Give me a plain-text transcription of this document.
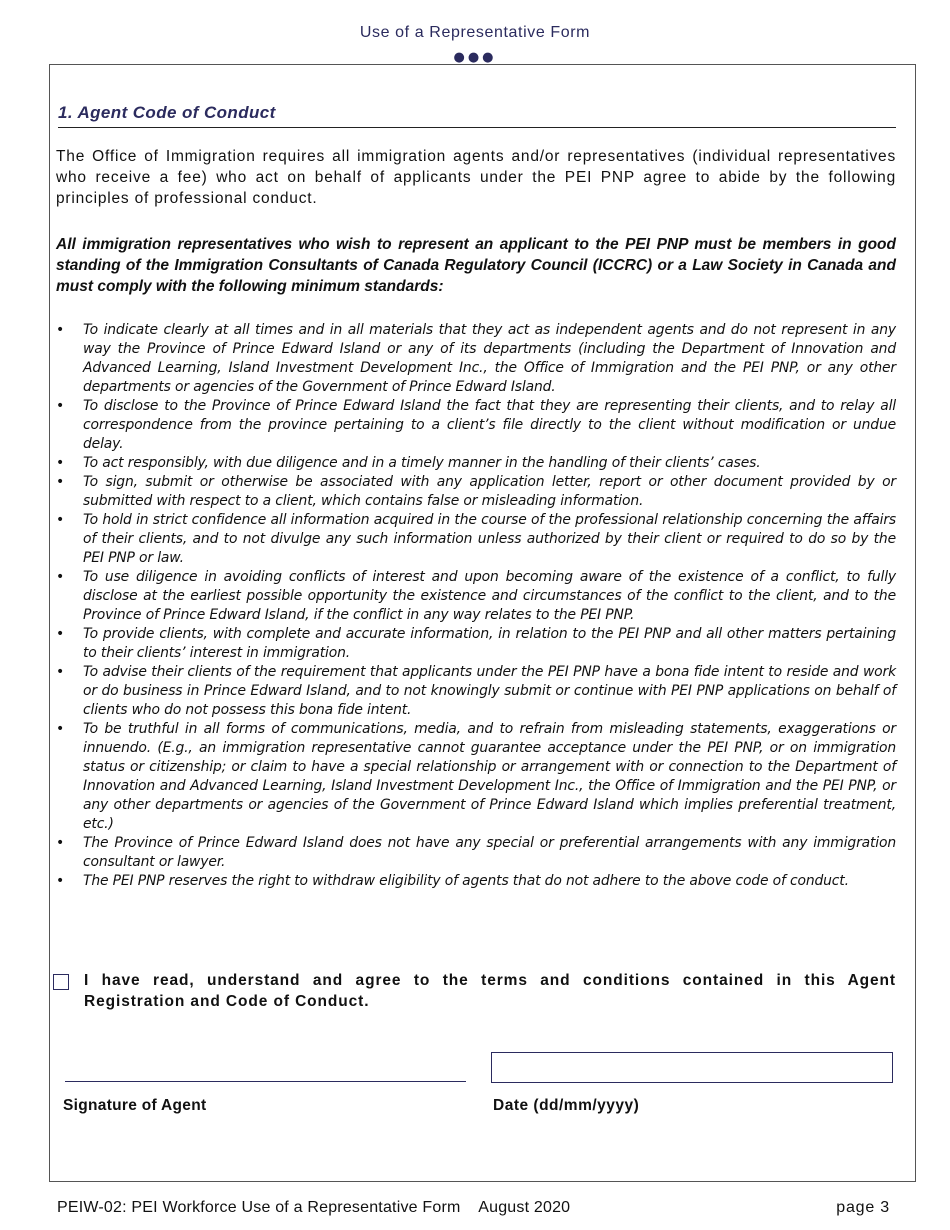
Use of a Representative Form
●●●
1. Agent Code of Conduct
The Office of Immigration requires all immigration agents and/or representatives (individual representatives who receive a fee) who act on behalf of applicants under the PEI PNP agree to abide by the following principles of professional conduct.
All immigration representatives who wish to represent an applicant to the PEI PNP must be members in good standing of the Immigration Consultants of Canada Regulatory Council (ICCRC) or a Law Society in Canada and must comply with the following minimum standards:
• To indicate clearly at all times and in all materials that they act as independent agents and do not represent in any way the Province of Prince Edward Island or any of its departments (including the Department of Innovation and Advanced Learning, Island Investment Development Inc., the Office of Immigration and the PEI PNP, or any other departments or agencies of the Government of Prince Edward Island.
• To disclose to the Province of Prince Edward Island the fact that they are representing their clients, and to relay all correspondence from the province pertaining to a client’s file directly to the client without modification or undue delay.
• To act responsibly, with due diligence and in a timely manner in the handling of their clients’ cases.
• To sign, submit or otherwise be associated with any application letter, report or other document provided by or submitted with respect to a client, which contains false or misleading information.
• To hold in strict confidence all information acquired in the course of the professional relationship concerning the affairs of their clients, and to not divulge any such information unless authorized by their client or required to do so by the PEI PNP or law.
• To use diligence in avoiding conflicts of interest and upon becoming aware of the existence of a conflict, to fully disclose at the earliest possible opportunity the existence and circumstances of the conflict to the client, and to the Province of Prince Edward Island, if the conflict in any way relates to the PEI PNP.
• To provide clients, with complete and accurate information, in relation to the PEI PNP and all other matters pertaining to their clients’ interest in immigration.
• To advise their clients of the requirement that applicants under the PEI PNP have a bona fide intent to reside and work or do business in Prince Edward Island, and to not knowingly submit or continue with PEI PNP applications on behalf of clients who do not possess this bona fide intent.
• To be truthful in all forms of communications, media, and to refrain from misleading statements, exaggerations or innuendo. (E.g., an immigration representative cannot guarantee acceptance under the PEI PNP, or on immigration status or citizenship; or claim to have a special relationship or arrangement with or connection to the Department of Innovation and Advanced Learning, Island Investment Development Inc., the Office of Immigration and the PEI PNP, or any other departments or agencies of the Government of Prince Edward Island which implies preferential treatment, etc.)
• The Province of Prince Edward Island does not have any special or preferential arrangements with any immigration consultant or lawyer.
• The PEI PNP reserves the right to withdraw eligibility of agents that do not adhere to the above code of conduct.
I have read, understand and agree to the terms and conditions contained in this Agent Registration and Code of Conduct.
Signature of Agent	Date (dd/mm/yyyy)
PEIW-02: PEI Workforce Use of a Representative Form August 2020	page 3
